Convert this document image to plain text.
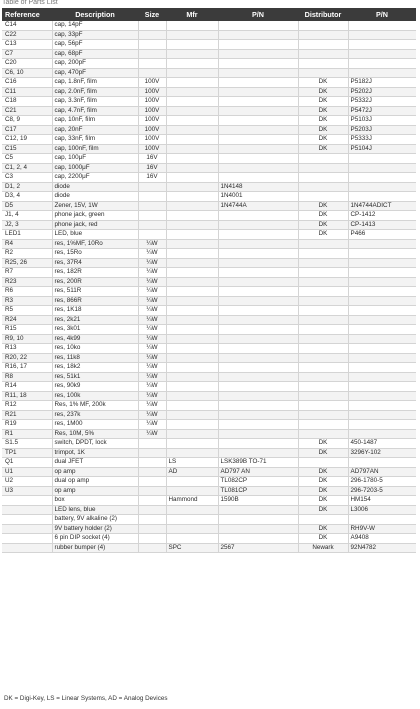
Table of Parts List
Reference	Description	Size	Mfr	P/N	Distributor	P/N
C14	cap, 14pF					
C22	cap, 33pF					
C13	cap, 56pF					
C7	cap, 68pF					
C20	cap, 200pF					
C6, 10	cap, 470pF					
C16	cap, 1.8nF, film	100V			DK	P5182J
C11	cap, 2.0nF, film	100V			DK	P5202J
C18	cap, 3.3nF, film	100V			DK	P5332J
C21	cap, 4.7nF, film	100V			DK	P5472J
C8, 9	cap, 10nF, film	100V			DK	P5103J
C17	cap, 20nF	100V			DK	P5203J
C12, 19	cap, 33nF, film	100V			DK	P5333J
C15	cap, 100nF, film	100V			DK	P5104J
C5	cap, 100μF	16V				
C1, 2, 4	cap, 1000μF	16V				
C3	cap, 2200μF	16V				
D1, 2	diode			1N4148		
D3, 4	diode			1N4001		
D5	Zener, 15V, 1W			1N4744A	DK	1N4744ADICT
J1, 4	phone jack, green				DK	CP-1412
J2, 3	phone jack, red				DK	CP-1413
LED1	LED, blue				DK	P466
R4	res, 1%MF, 10Ro	¼W				
R2	res, 15Ro	¼W				
R25, 26	res, 37R4	¼W				
R7	res, 182R	¼W				
R23	res, 200R	¼W				
R6	res, 511R	¼W				
R3	res, 866R	¼W				
R5	res, 1K18	¼W				
R24	res, 2k21	¼W				
R15	res, 3k01	¼W				
R9, 10	res, 4k99	¼W				
R13	res, 10ko	¼W				
R20, 22	res, 11k8	¼W				
R16, 17	res, 18k2	¼W				
R8	res, 51k1	¼W				
R14	res, 90k9	¼W				
R11, 18	res, 100k	¼W				
R12	Res, 1% MF, 200k	¼W				
R21	res, 237k	¼W				
R19	res, 1M00	¼W				
R1	Res, 10M, 5%	¼W				
S1.5	switch, DPDT, lock				DK	450-1487
TP1	trimpot, 1K				DK	3296Y-102
Q1	dual JFET		LS	LSK389B TO-71		
U1	op amp		AD	AD797 AN	DK	AD797AN
U2	dual op amp			TL082CP	DK	296-1780-5
U3	op amp			TL081CP	DK	296-7203-5
	box		Hammond	1590B	DK	HM154
	LED lens, blue				DK	L3006
	battery, 9V alkaline (2)					
	9V battery holder (2)				DK	RH9V-W
	6 pin DIP socket (4)				DK	A9408
	rubber bumper (4)		SPC	2567	Newark	92N4782
DK = Digi-Key, LS = Linear Systems, AD = Analog Devices
